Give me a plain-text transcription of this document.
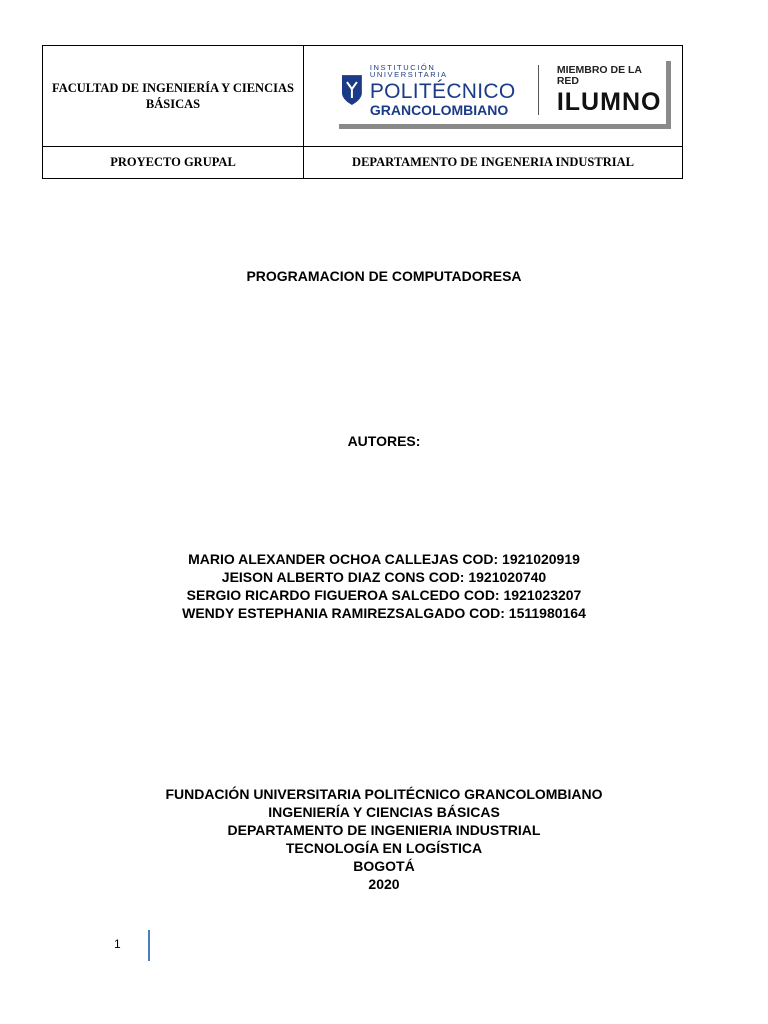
FACULTAD DE INGENIERÍA Y CIENCIAS BÁSICAS	INSTITUCIÓN UNIVERSITARIA
POLITÉCNICO
GRANCOLOMBIANO
MIEMBRO DE LA RED
ILUMNO

PROYECTO GRUPAL	DEPARTAMENTO DE INGENERIA INDUSTRIAL
PROGRAMACION DE COMPUTADORESA
AUTORES:
MARIO ALEXANDER OCHOA CALLEJAS COD: 1921020919
JEISON ALBERTO DIAZ CONS COD: 1921020740
SERGIO RICARDO FIGUEROA SALCEDO COD: 1921023207
WENDY ESTEPHANIA RAMIREZSALGADO COD: 1511980164
FUNDACIÓN UNIVERSITARIA POLITÉCNICO GRANCOLOMBIANO
INGENIERÍA Y CIENCIAS BÁSICAS
DEPARTAMENTO DE INGENIERIA INDUSTRIAL
TECNOLOGÍA EN LOGÍSTICA
BOGOTÁ
2020
1
